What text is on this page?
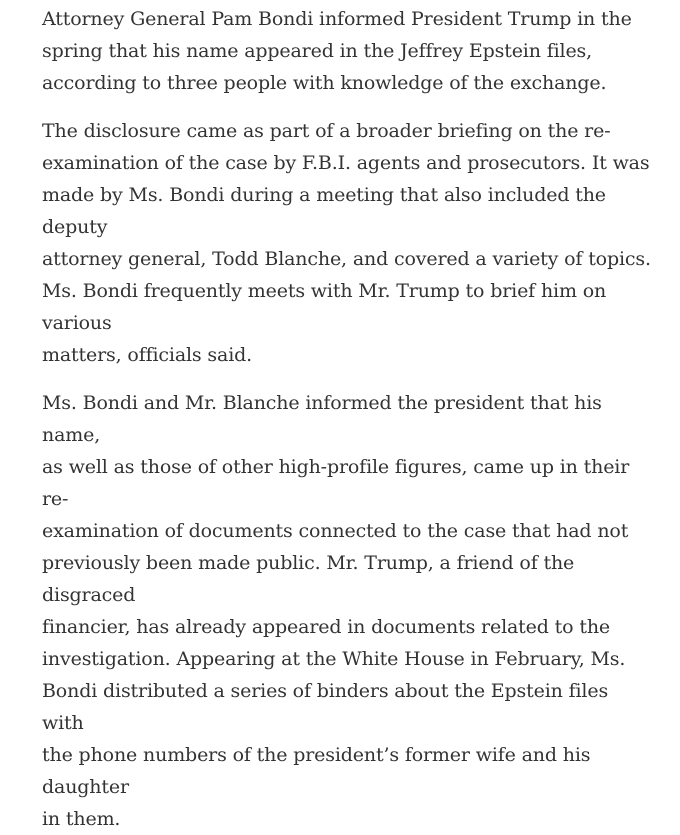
Attorney General Pam Bondi informed President Trump in the
spring that his name appeared in the Jeffrey Epstein files,
according to three people with knowledge of the exchange.

The disclosure came as part of a broader briefing on the re-
examination of the case by F.B.I. agents and prosecutors. It was
made by Ms. Bondi during a meeting that also included the deputy
attorney general, Todd Blanche, and covered a variety of topics.
Ms. Bondi frequently meets with Mr. Trump to brief him on various
matters, officials said.

Ms. Bondi and Mr. Blanche informed the president that his name,
as well as those of other high-profile figures, came up in their re-
examination of documents connected to the case that had not
previously been made public. Mr. Trump, a friend of the disgraced
financier, has already appeared in documents related to the
investigation. Appearing at the White House in February, Ms.
Bondi distributed a series of binders about the Epstein files with
the phone numbers of the president’s former wife and his daughter
in them.
